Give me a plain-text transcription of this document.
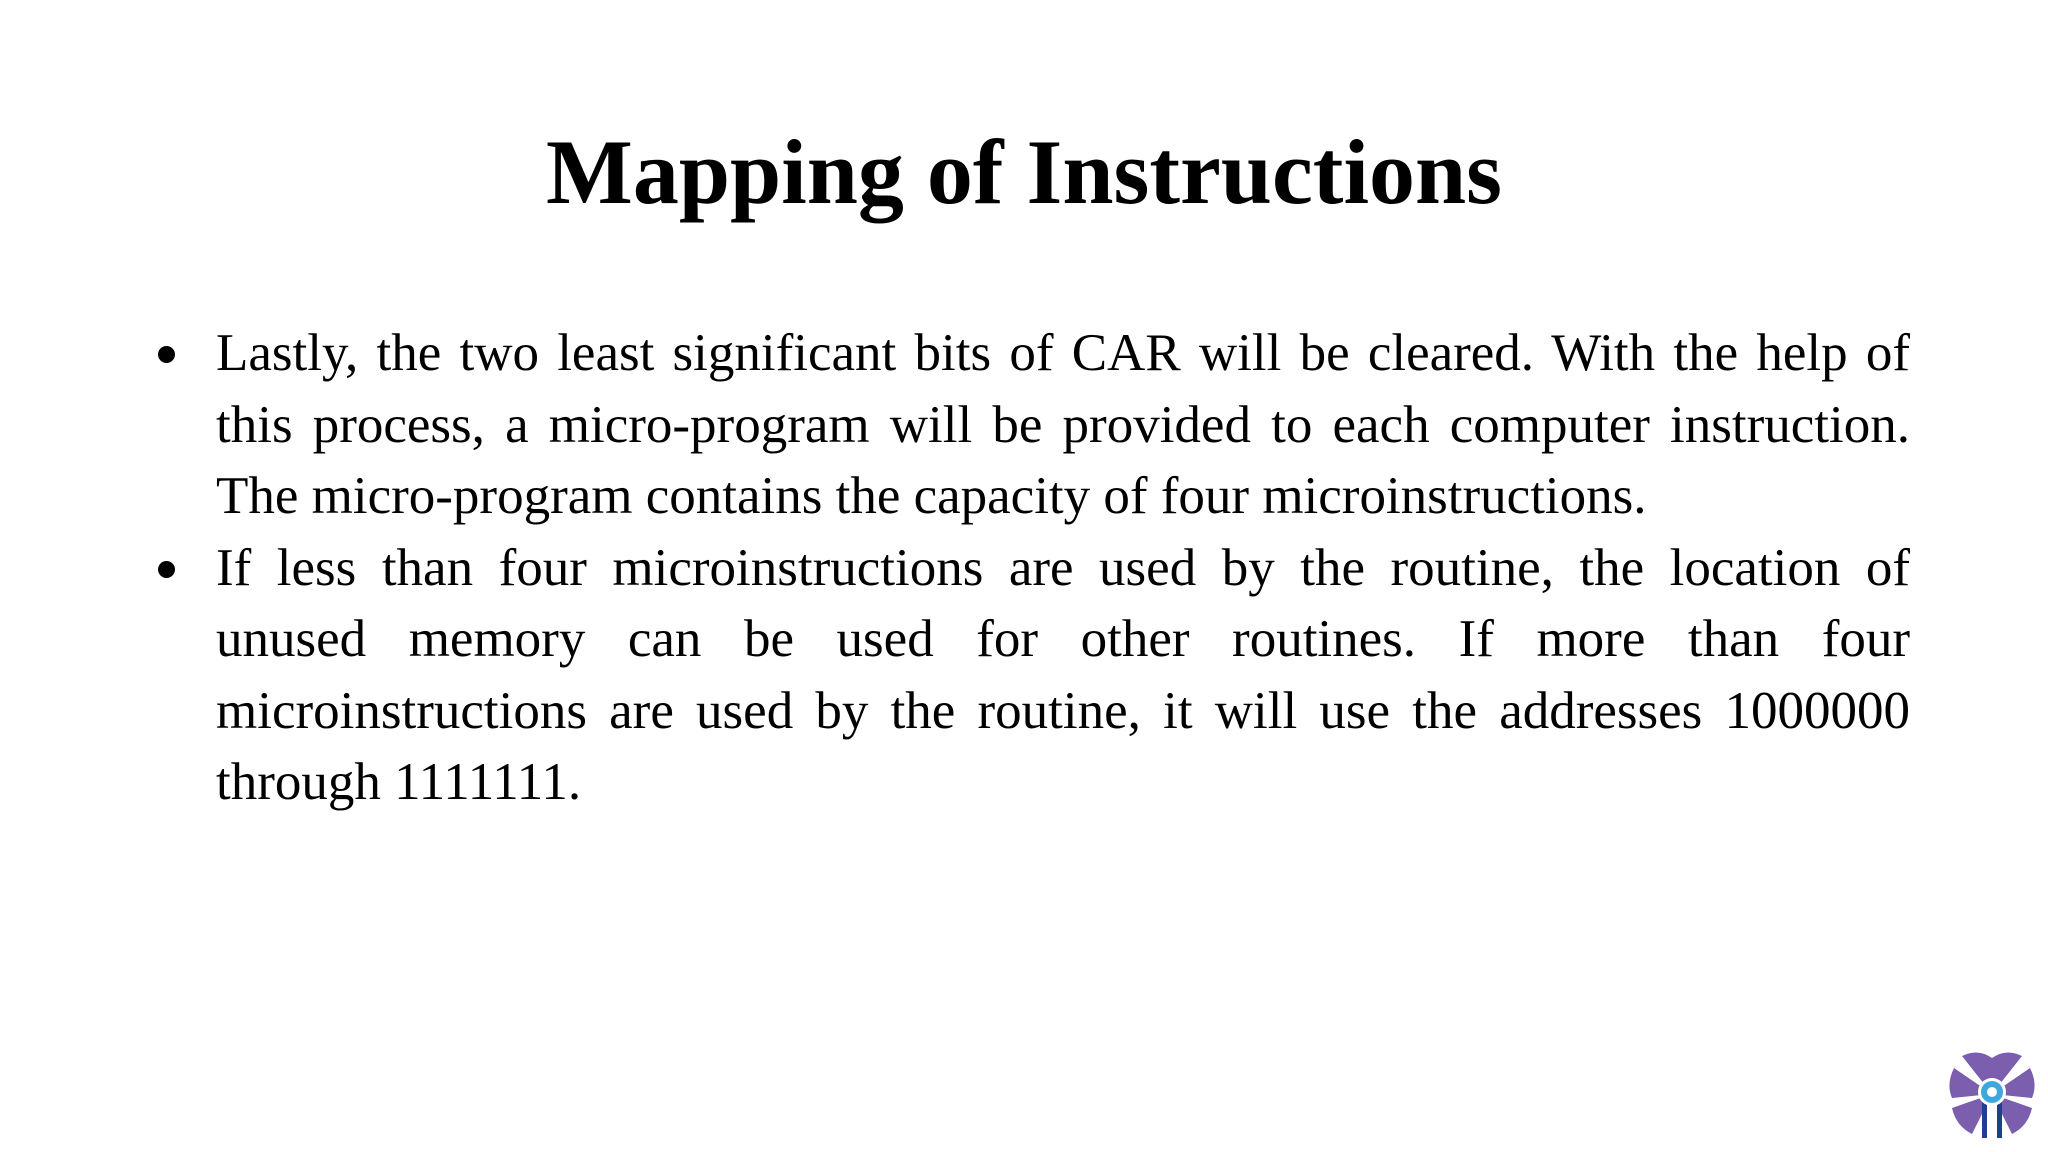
Mapping of Instructions
Lastly, the two least significant bits of CAR will be cleared. With the help of this process, a micro-program will be provided to each computer instruction. The micro-program contains the capacity of four microinstructions.
If less than four microinstructions are used by the routine, the location of unused memory can be used for other routines. If more than four microinstructions are used by the routine, it will use the addresses 1000000 through 1111111.
